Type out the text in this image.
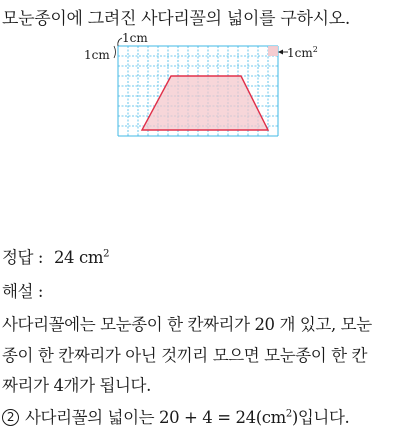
모눈종이에 그려진 사다리꼴의 넓이를 구하시오.
1cm
1cm
$1cm^2$
정답 : 24 $cm^2$
해설 :
사다리꼴에는 모눈종이 한 칸짜리가 20 개 있고, 모눈
종이 한 칸짜리가 아닌 것끼리 모으면 모눈종이 한 칸
짜리가 4개가 됩니다.
2 사다리꼴의 넓이는 $20 + 4 = 24(cm^2)$입니다.
